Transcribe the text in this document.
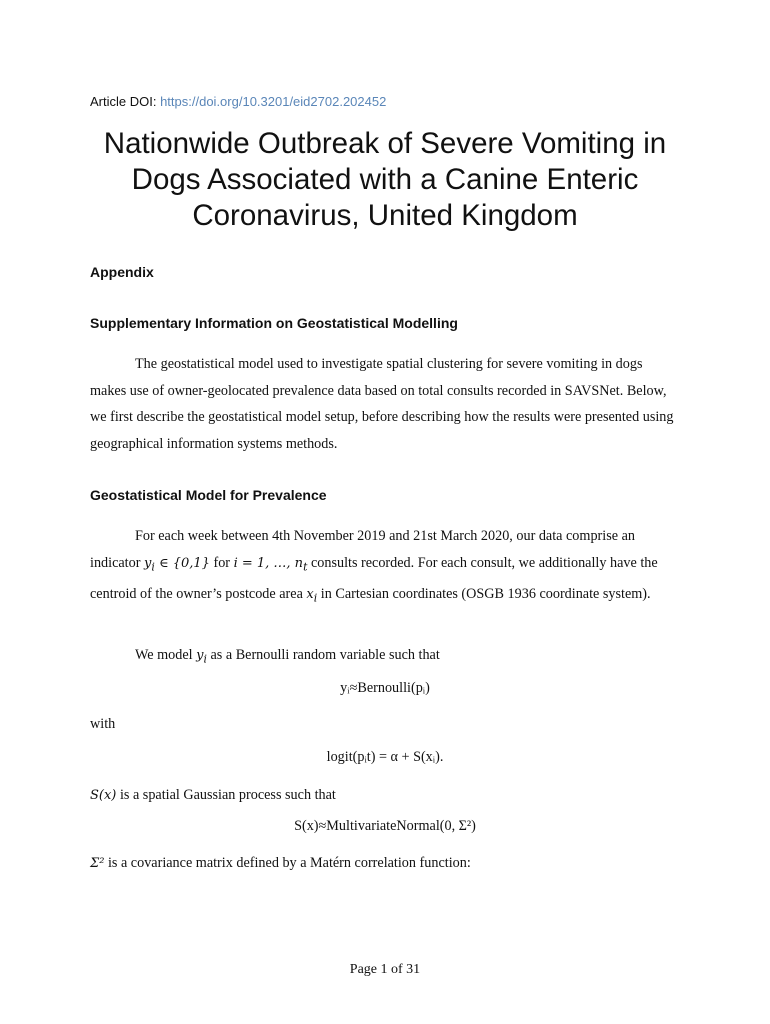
Article DOI: https://doi.org/10.3201/eid2702.202452
Nationwide Outbreak of Severe Vomiting in
Dogs Associated with a Canine Enteric
Coronavirus, United Kingdom
Appendix
Supplementary Information on Geostatistical Modelling
The geostatistical model used to investigate spatial clustering for severe vomiting in dogs makes use of owner-geolocated prevalence data based on total consults recorded in SAVSNet. Below, we first describe the geostatistical model setup, before describing how the results were presented using geographical information systems methods.
Geostatistical Model for Prevalence
For each week between 4th November 2019 and 21st March 2020, our data comprise an indicator $y_i$ ∈ {0,1} for i = 1, …, $n_t$ consults recorded. For each consult, we additionally have the centroid of the owner’s postcode area $x_i$ in Cartesian coordinates (OSGB 1936 coordinate system).
We model $y_i$ as a Bernoulli random variable such that
yᵢ≈Bernoulli(pᵢ)
with
logit(pᵢt) = α + S(xᵢ).
S(x) is a spatial Gaussian process such that
S(x)≈MultivariateNormal(0, Σ²)
Σ² is a covariance matrix defined by a Matérn correlation function:
Page 1 of 31
